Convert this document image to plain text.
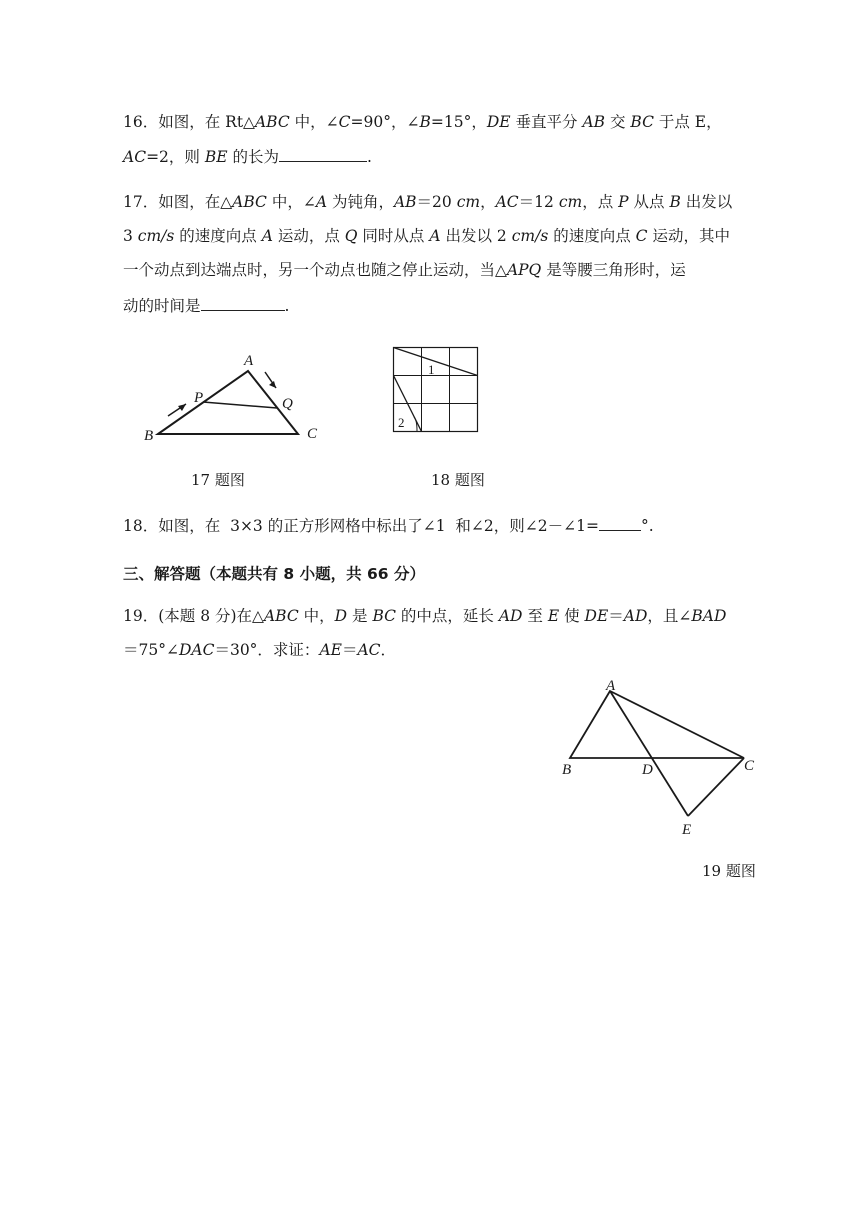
16．如图，在 Rt△ABC 中，∠C=90°，∠B=15°，DE 垂直平分 AB 交 BC 于点 E，
AC=2，则 BE 的长为	.
17．如图，在△ABC 中，∠A 为钝角，AB＝20 cm，AC＝12 cm，点 P 从点 B 出发以
3 cm/s 的速度向点 A 运动，点 Q 同时从点 A 出发以 2 cm/s 的速度向点 C 运动，其中
一个动点到达端点时，另一个动点也随之停止运动，当△APQ 是等腰三角形时，运
动的时间是	.
A
B	C
P	Q
17 题图
1
2
18 题图
18．如图，在  3×3 的正方形网格中标出了∠1  和∠2，则∠2－∠1=	°.
三、解答题（本题共有 8 小题，共 66 分）
19．(本题 8 分)在△ABC 中，D 是 BC 的中点，延长 AD 至 E 使 DE＝AD，且∠BAD
＝75°∠DAC＝30°．求证：AE＝AC．
A
B	D	C
E
19 题图
